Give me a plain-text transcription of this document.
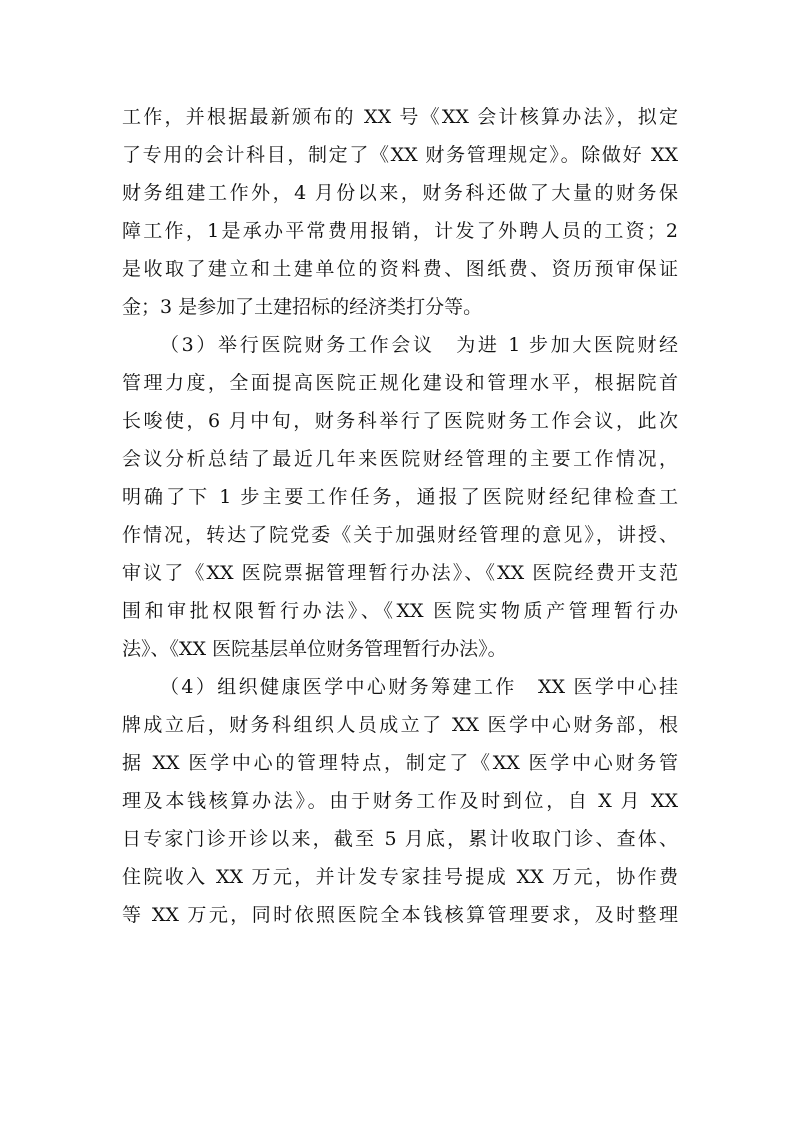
工作，并根据最新颁布的 XX 号《XX 会计核算办法》，拟定
了专用的会计科目，制定了《XX 财务管理规定》。除做好 XX
财务组建工作外，4 月份以来，财务科还做了大量的财务保
障工作，1是承办平常费用报销，计发了外聘人员的工资；2
是收取了建立和土建单位的资料费、图纸费、资历预审保证
金；3 是参加了土建招标的经济类打分等。
（3）举行医院财务工作会议　为进 1 步加大医院财经
管理力度，全面提高医院正规化建设和管理水平，根据院首
长唆使，6 月中旬，财务科举行了医院财务工作会议，此次
会议分析总结了最近几年来医院财经管理的主要工作情况，
明确了下 1 步主要工作任务，通报了医院财经纪律检查工
作情况，转达了院党委《关于加强财经管理的意见》，讲授、
审议了《XX 医院票据管理暂行办法》、《XX 医院经费开支范
围和审批权限暂行办法》、《XX 医院实物质产管理暂行办
法》、《XX 医院基层单位财务管理暂行办法》。
（4）组织健康医学中心财务筹建工作　XX 医学中心挂
牌成立后，财务科组织人员成立了 XX 医学中心财务部，根
据 XX 医学中心的管理特点，制定了《XX 医学中心财务管
理及本钱核算办法》。由于财务工作及时到位，自 X 月 XX
日专家门诊开诊以来，截至 5 月底，累计收取门诊、查体、
住院收入 XX 万元，并计发专家挂号提成 XX 万元，协作费
等 XX 万元，同时依照医院全本钱核算管理要求，及时整理
